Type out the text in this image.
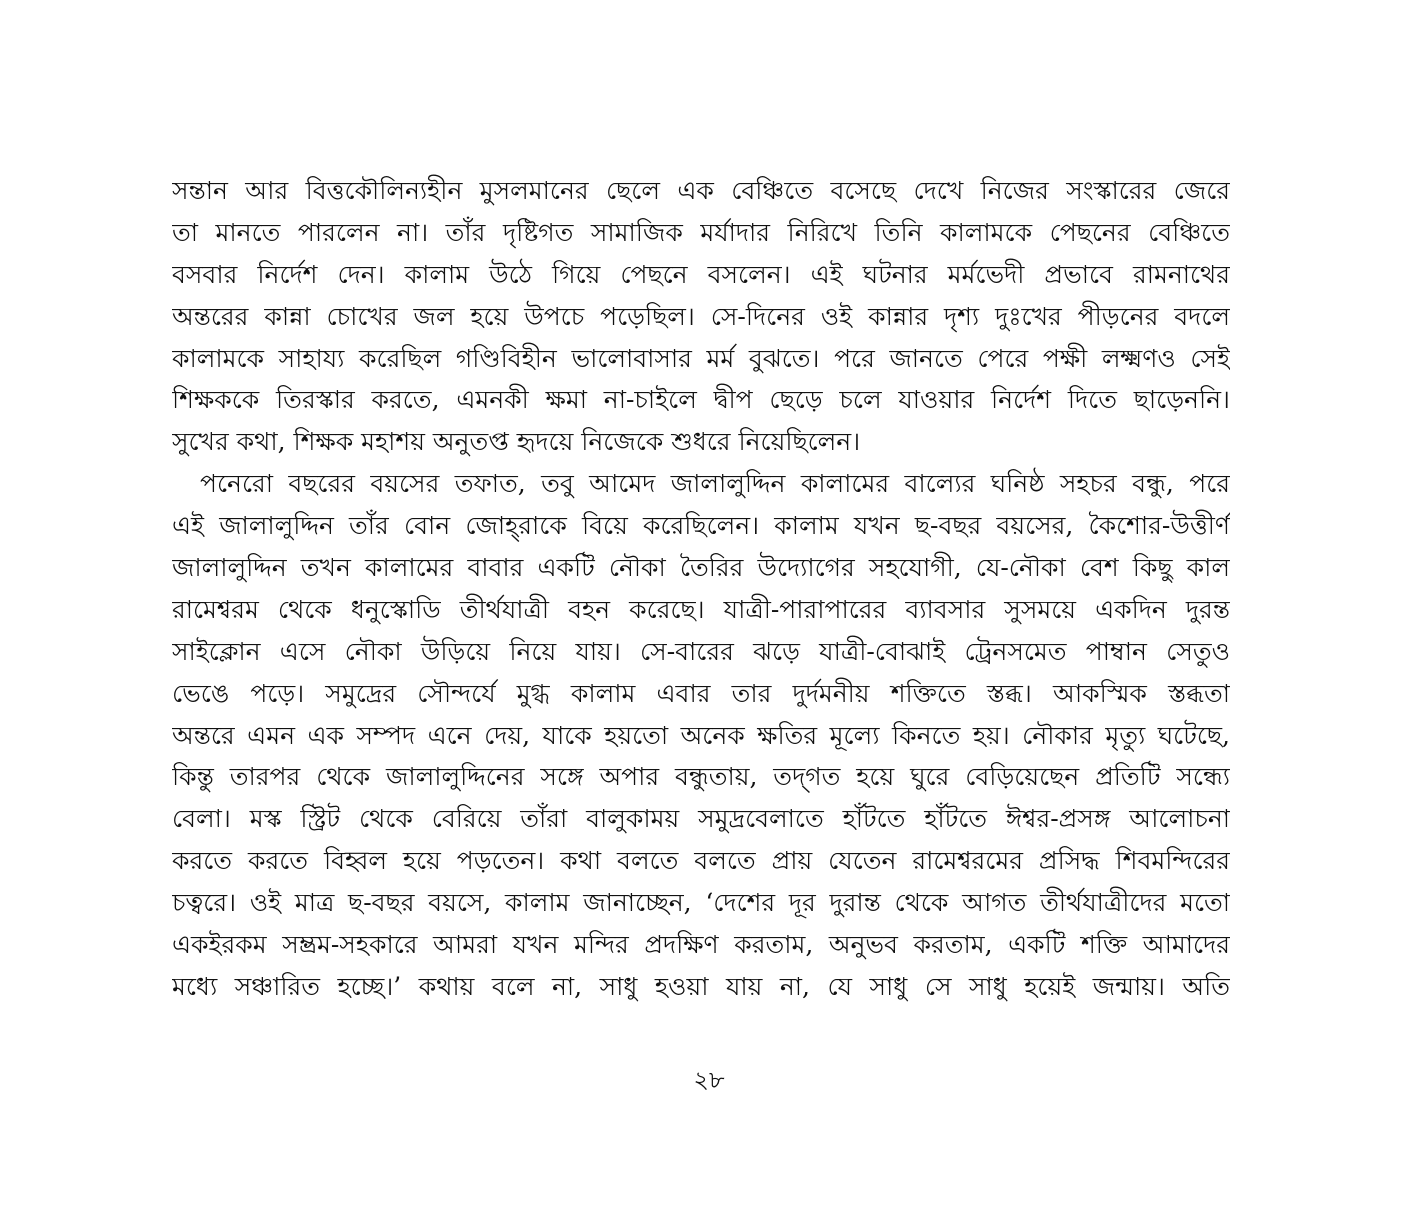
সন্তান আর বিত্তকৌলিন্যহীন মুসলমানের ছেলে এক বেঞ্চিতে বসেছে দেখে নিজের সংস্কারের জেরে
তা মানতে পারলেন না। তাঁর দৃষ্টিগত সামাজিক মর্যাদার নিরিখে তিনি কালামকে পেছনের বেঞ্চিতে
বসবার নির্দেশ দেন। কালাম উঠে গিয়ে পেছনে বসলেন। এই ঘটনার মর্মভেদী প্রভাবে রামনাথের
অন্তরের কান্না চোখের জল হয়ে উপচে পড়েছিল। সে-দিনের ওই কান্নার দৃশ্য দুঃখের পীড়নের বদলে
কালামকে সাহায্য করেছিল গণ্ডিবিহীন ভালোবাসার মর্ম বুঝতে। পরে জানতে পেরে পক্ষী লক্ষ্মণও সেই
শিক্ষককে তিরস্কার করতে, এমনকী ক্ষমা না-চাইলে দ্বীপ ছেড়ে চলে যাওয়ার নির্দেশ দিতে ছাড়েননি।
সুখের কথা, শিক্ষক মহাশয় অনুতপ্ত হৃদয়ে নিজেকে শুধরে নিয়েছিলেন।
পনেরো বছরের বয়সের তফাত, তবু আমেদ জালালুদ্দিন কালামের বাল্যের ঘনিষ্ঠ সহচর বন্ধু, পরে
এই জালালুদ্দিন তাঁর বোন জোহ্‌রাকে বিয়ে করেছিলেন। কালাম যখন ছ-বছর বয়সের, কৈশোর-উত্তীর্ণ
জালালুদ্দিন তখন কালামের বাবার একটি নৌকা তৈরির উদ্যোগের সহযোগী, যে-নৌকা বেশ কিছু কাল
রামেশ্বরম থেকে ধনুস্কোডি তীর্থযাত্রী বহন করেছে। যাত্রী-পারাপারের ব্যাবসার সুসময়ে একদিন দুরন্ত
সাইক্লোন এসে নৌকা উড়িয়ে নিয়ে যায়। সে-বারের ঝড়ে যাত্রী-বোঝাই ট্রেনসমেত পাম্বান সেতুও
ভেঙে পড়ে। সমুদ্রের সৌন্দর্যে মুগ্ধ কালাম এবার তার দুর্দমনীয় শক্তিতে স্তব্ধ। আকস্মিক স্তব্ধতা
অন্তরে এমন এক সম্পদ এনে দেয়, যাকে হয়তো অনেক ক্ষতির মূল্যে কিনতে হয়। নৌকার মৃত্যু ঘটেছে,
কিন্তু তারপর থেকে জালালুদ্দিনের সঙ্গে অপার বন্ধুতায়, তদ্‌গত হয়ে ঘুরে বেড়িয়েছেন প্রতিটি সন্ধ্যে
বেলা। মস্ক স্ট্রিট থেকে বেরিয়ে তাঁরা বালুকাময় সমুদ্রবেলাতে হাঁটতে হাঁটতে ঈশ্বর-প্রসঙ্গ আলোচনা
করতে করতে বিহ্বল হয়ে পড়তেন। কথা বলতে বলতে প্রায় যেতেন রামেশ্বরমের প্রসিদ্ধ শিবমন্দিরের
চত্বরে। ওই মাত্র ছ-বছর বয়সে, কালাম জানাচ্ছেন, ‘দেশের দূর দুরান্ত থেকে আগত তীর্থযাত্রীদের মতো
একইরকম সম্ভ্রম-সহকারে আমরা যখন মন্দির প্রদক্ষিণ করতাম, অনুভব করতাম, একটি শক্তি আমাদের
মধ্যে সঞ্চারিত হচ্ছে।’ কথায় বলে না, সাধু হওয়া যায় না, যে সাধু সে সাধু হয়েই জন্মায়। অতি
২৮
